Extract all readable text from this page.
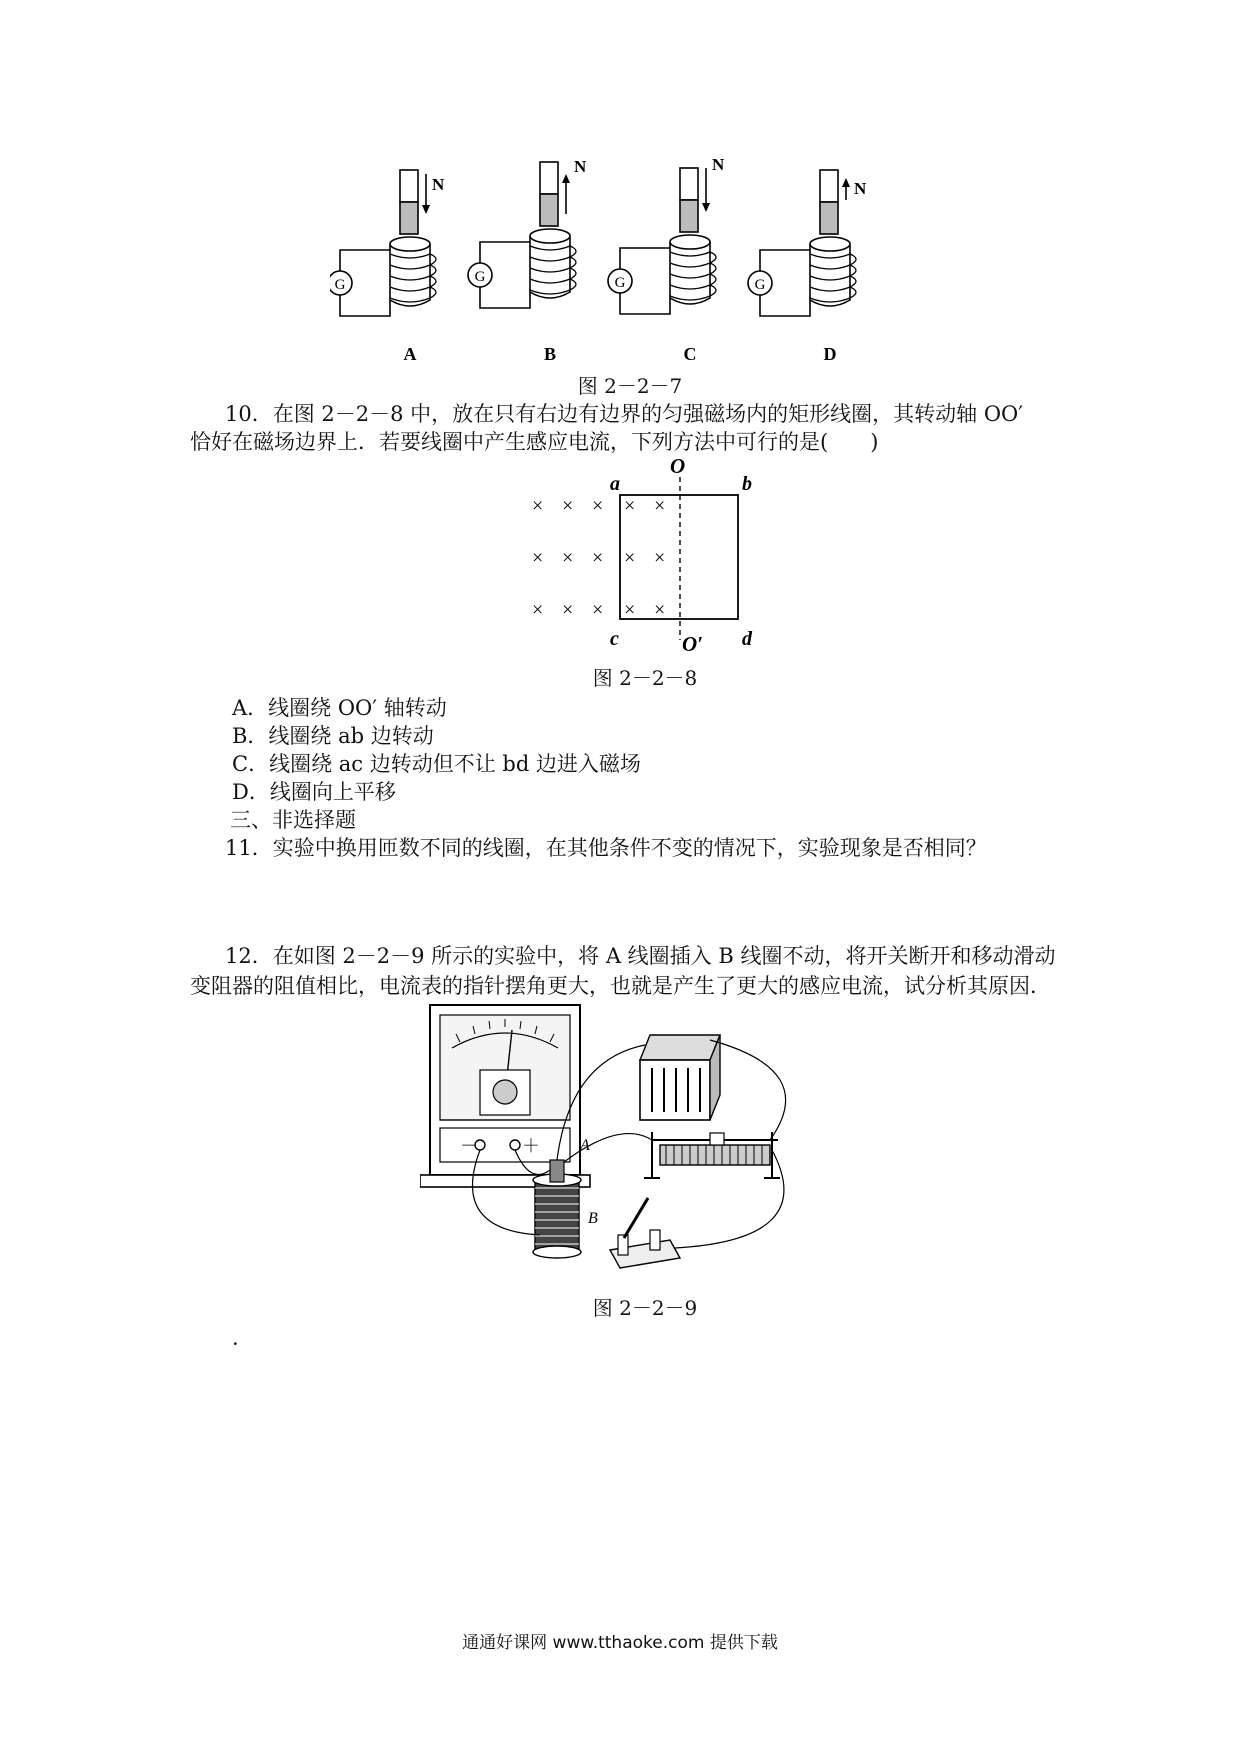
N
G
A
N
G
B
N
G
C
N
G
D
图 2－2－7
10．在图 2－2－8 中，放在只有右边有边界的匀强磁场内的矩形线圈，其转动轴 OO′
恰好在磁场边界上．若要线圈中产生感应电流，下列方法中可行的是(　　)
× × × × ×
× × × × ×
× × × × ×
a	b
c	d
O
O′
图 2－2－8
A．线圈绕 OO′ 轴转动
B．线圈绕 ab 边转动
C．线圈绕 ac 边转动但不让 bd 边进入磁场
D．线圈向上平移
三、非选择题
11．实验中换用匝数不同的线圈，在其他条件不变的情况下，实验现象是否相同？
12．在如图 2－2－9 所示的实验中，将 A 线圈插入 B 线圈不动，将开关断开和移动滑动
变阻器的阻值相比，电流表的指针摆角更大，也就是产生了更大的感应电流，试分析其原因．
－ ＋	A
B
图 2－2－9
·
通通好课网 www.tthaoke.com 提供下载
